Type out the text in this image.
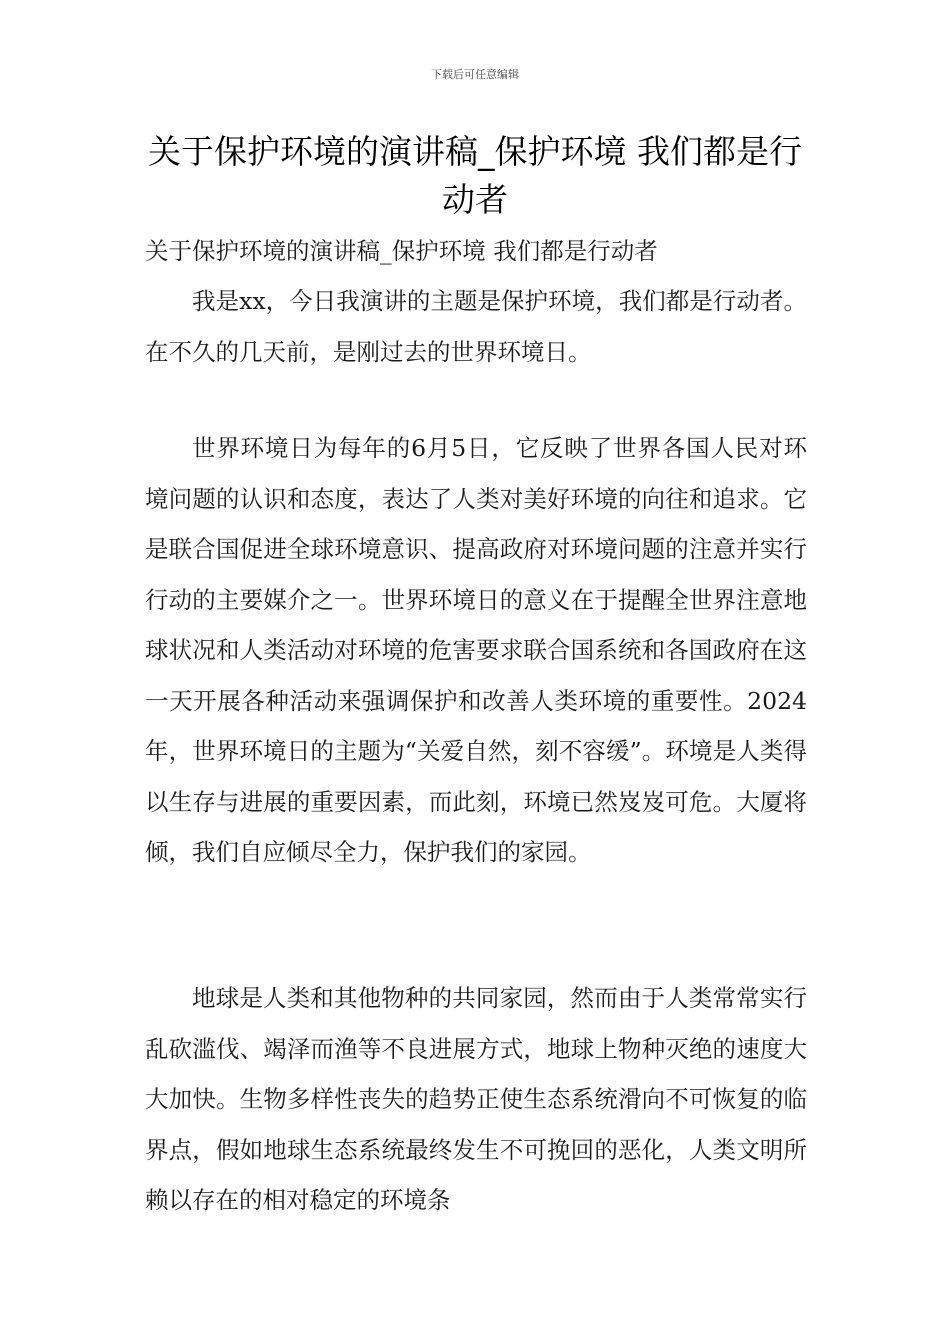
下载后可任意编辑
关于保护环境的演讲稿_保护环境 我们都是行动者

关于保护环境的演讲稿_保护环境 我们都是行动者

我是xx，今日我演讲的主题是保护环境，我们都是行动者。在不久的几天前，是刚过去的世界环境日。

世界环境日为每年的6月5日，它反映了世界各国人民对环境问题的认识和态度，表达了人类对美好环境的向往和追求。它是联合国促进全球环境意识、提高政府对环境问题的注意并实行行动的主要媒介之一。世界环境日的意义在于提醒全世界注意地球状况和人类活动对环境的危害要求联合国系统和各国政府在这一天开展各种活动来强调保护和改善人类环境的重要性。2024年，世界环境日的主题为“关爱自然，刻不容缓”。环境是人类得以生存与进展的重要因素，而此刻，环境已然岌岌可危。大厦将倾，我们自应倾尽全力，保护我们的家园。

地球是人类和其他物种的共同家园，然而由于人类常常实行乱砍滥伐、竭泽而渔等不良进展方式，地球上物种灭绝的速度大大加快。生物多样性丧失的趋势正使生态系统滑向不可恢复的临界点，假如地球生态系统最终发生不可挽回的恶化，人类文明所赖以存在的相对稳定的环境条
